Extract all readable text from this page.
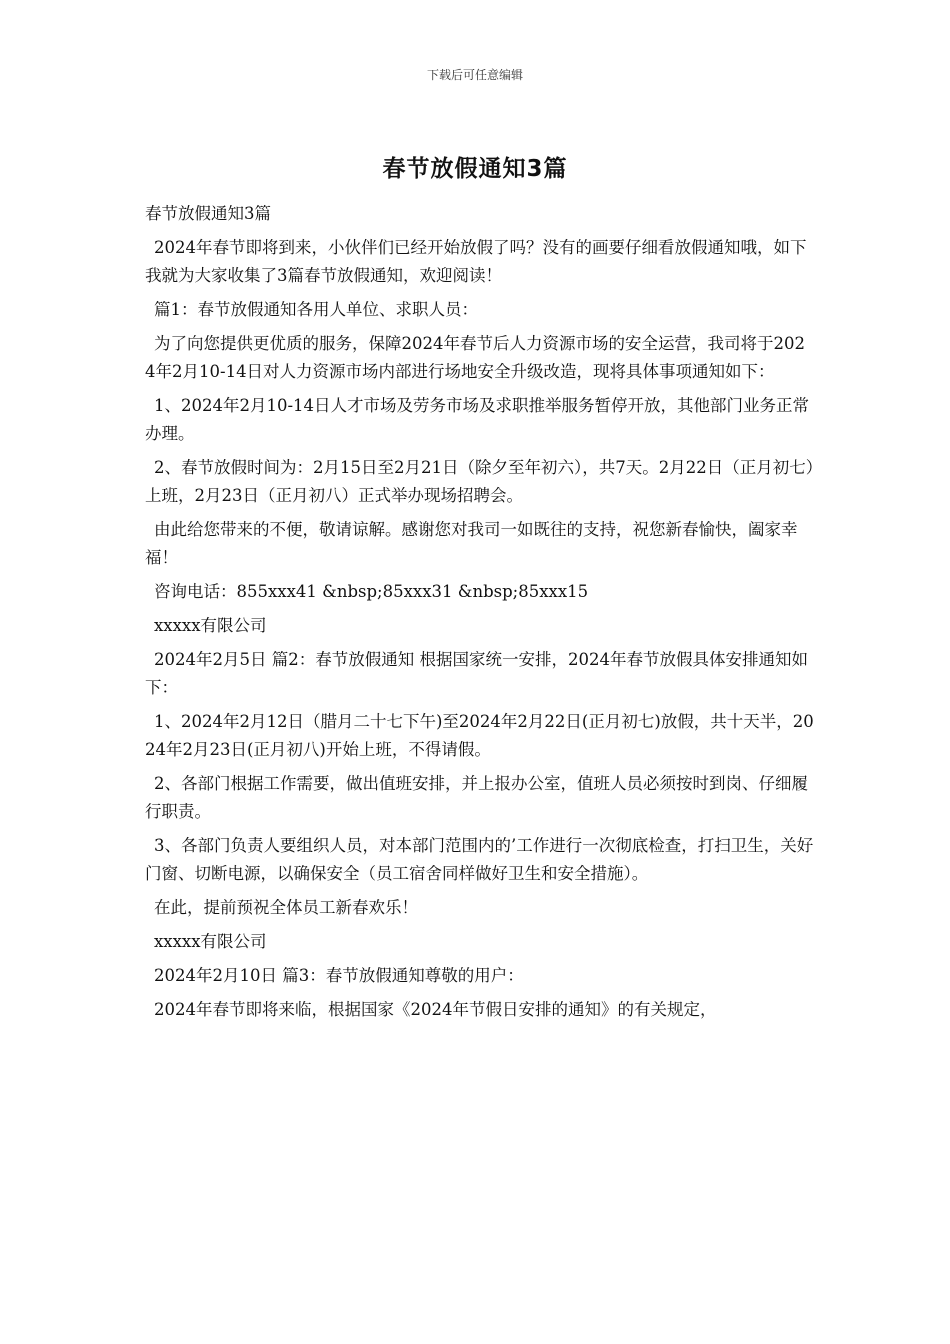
下载后可任意编辑
春节放假通知3篇

春节放假通知3篇

2024年春节即将到来，小伙伴们已经开始放假了吗？没有的画要仔细看放假通知哦，如下我就为大家收集了3篇春节放假通知，欢迎阅读！

篇1：春节放假通知各用人单位、求职人员：

为了向您提供更优质的服务，保障2024年春节后人力资源市场的安全运营，我司将于2024年2月10-14日对人力资源市场内部进行场地安全升级改造，现将具体事项通知如下：

1、2024年2月10-14日人才市场及劳务市场及求职推举服务暂停开放，其他部门业务正常办理。

2、春节放假时间为：2月15日至2月21日（除夕至年初六），共7天。2月22日（正月初七）上班，2月23日（正月初八）正式举办现场招聘会。

由此给您带来的不便，敬请谅解。感谢您对我司一如既往的支持，祝您新春愉快，阖家幸福！

咨询电话：855xxx41 &nbsp;85xxx31 &nbsp;85xxx15

xxxxx有限公司

2024年2月5日 篇2：春节放假通知 根据国家统一安排，2024年春节放假具体安排通知如下：

1、2024年2月12日（腊月二十七下午)至2024年2月22日(正月初七)放假，共十天半，2024年2月23日(正月初八)开始上班，不得请假。

2、各部门根据工作需要，做出值班安排，并上报办公室，值班人员必须按时到岗、仔细履行职责。

3、各部门负责人要组织人员，对本部门范围内的’工作进行一次彻底检查，打扫卫生，关好门窗、切断电源，以确保安全（员工宿舍同样做好卫生和安全措施）。

在此，提前预祝全体员工新春欢乐！

xxxxx有限公司

2024年2月10日 篇3：春节放假通知尊敬的用户：

2024年春节即将来临，根据国家《2024年节假日安排的通知》的有关规定，
